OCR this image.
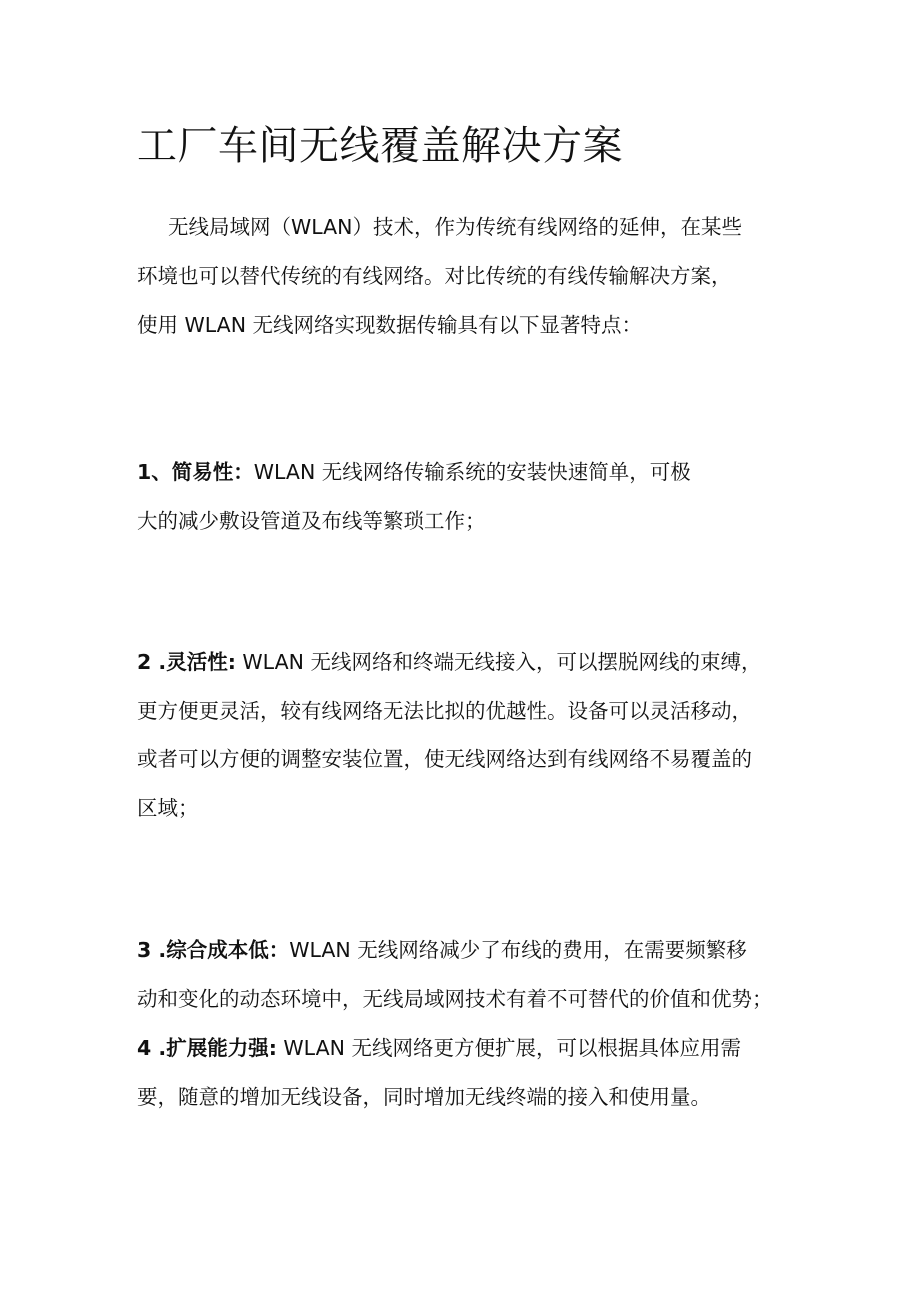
工厂车间无线覆盖解决方案

无线局域网（WLAN）技术，作为传统有线网络的延伸，在某些

环境也可以替代传统的有线网络。对比传统的有线传输解决方案，

使用 WLAN 无线网络实现数据传输具有以下显著特点：

1、简易性：WLAN 无线网络传输系统的安装快速简单，可极

大的减少敷设管道及布线等繁琐工作；

2 .灵活性: WLAN 无线网络和终端无线接入，可以摆脱网线的束缚，

更方便更灵活，较有线网络无法比拟的优越性。设备可以灵活移动，

或者可以方便的调整安装位置，使无线网络达到有线网络不易覆盖的

区域；

3 .综合成本低：WLAN 无线网络减少了布线的费用，在需要频繁移

动和变化的动态环境中，无线局域网技术有着不可替代的价值和优势；

4 .扩展能力强: WLAN 无线网络更方便扩展，可以根据具体应用需

要，随意的增加无线设备，同时增加无线终端的接入和使用量。
